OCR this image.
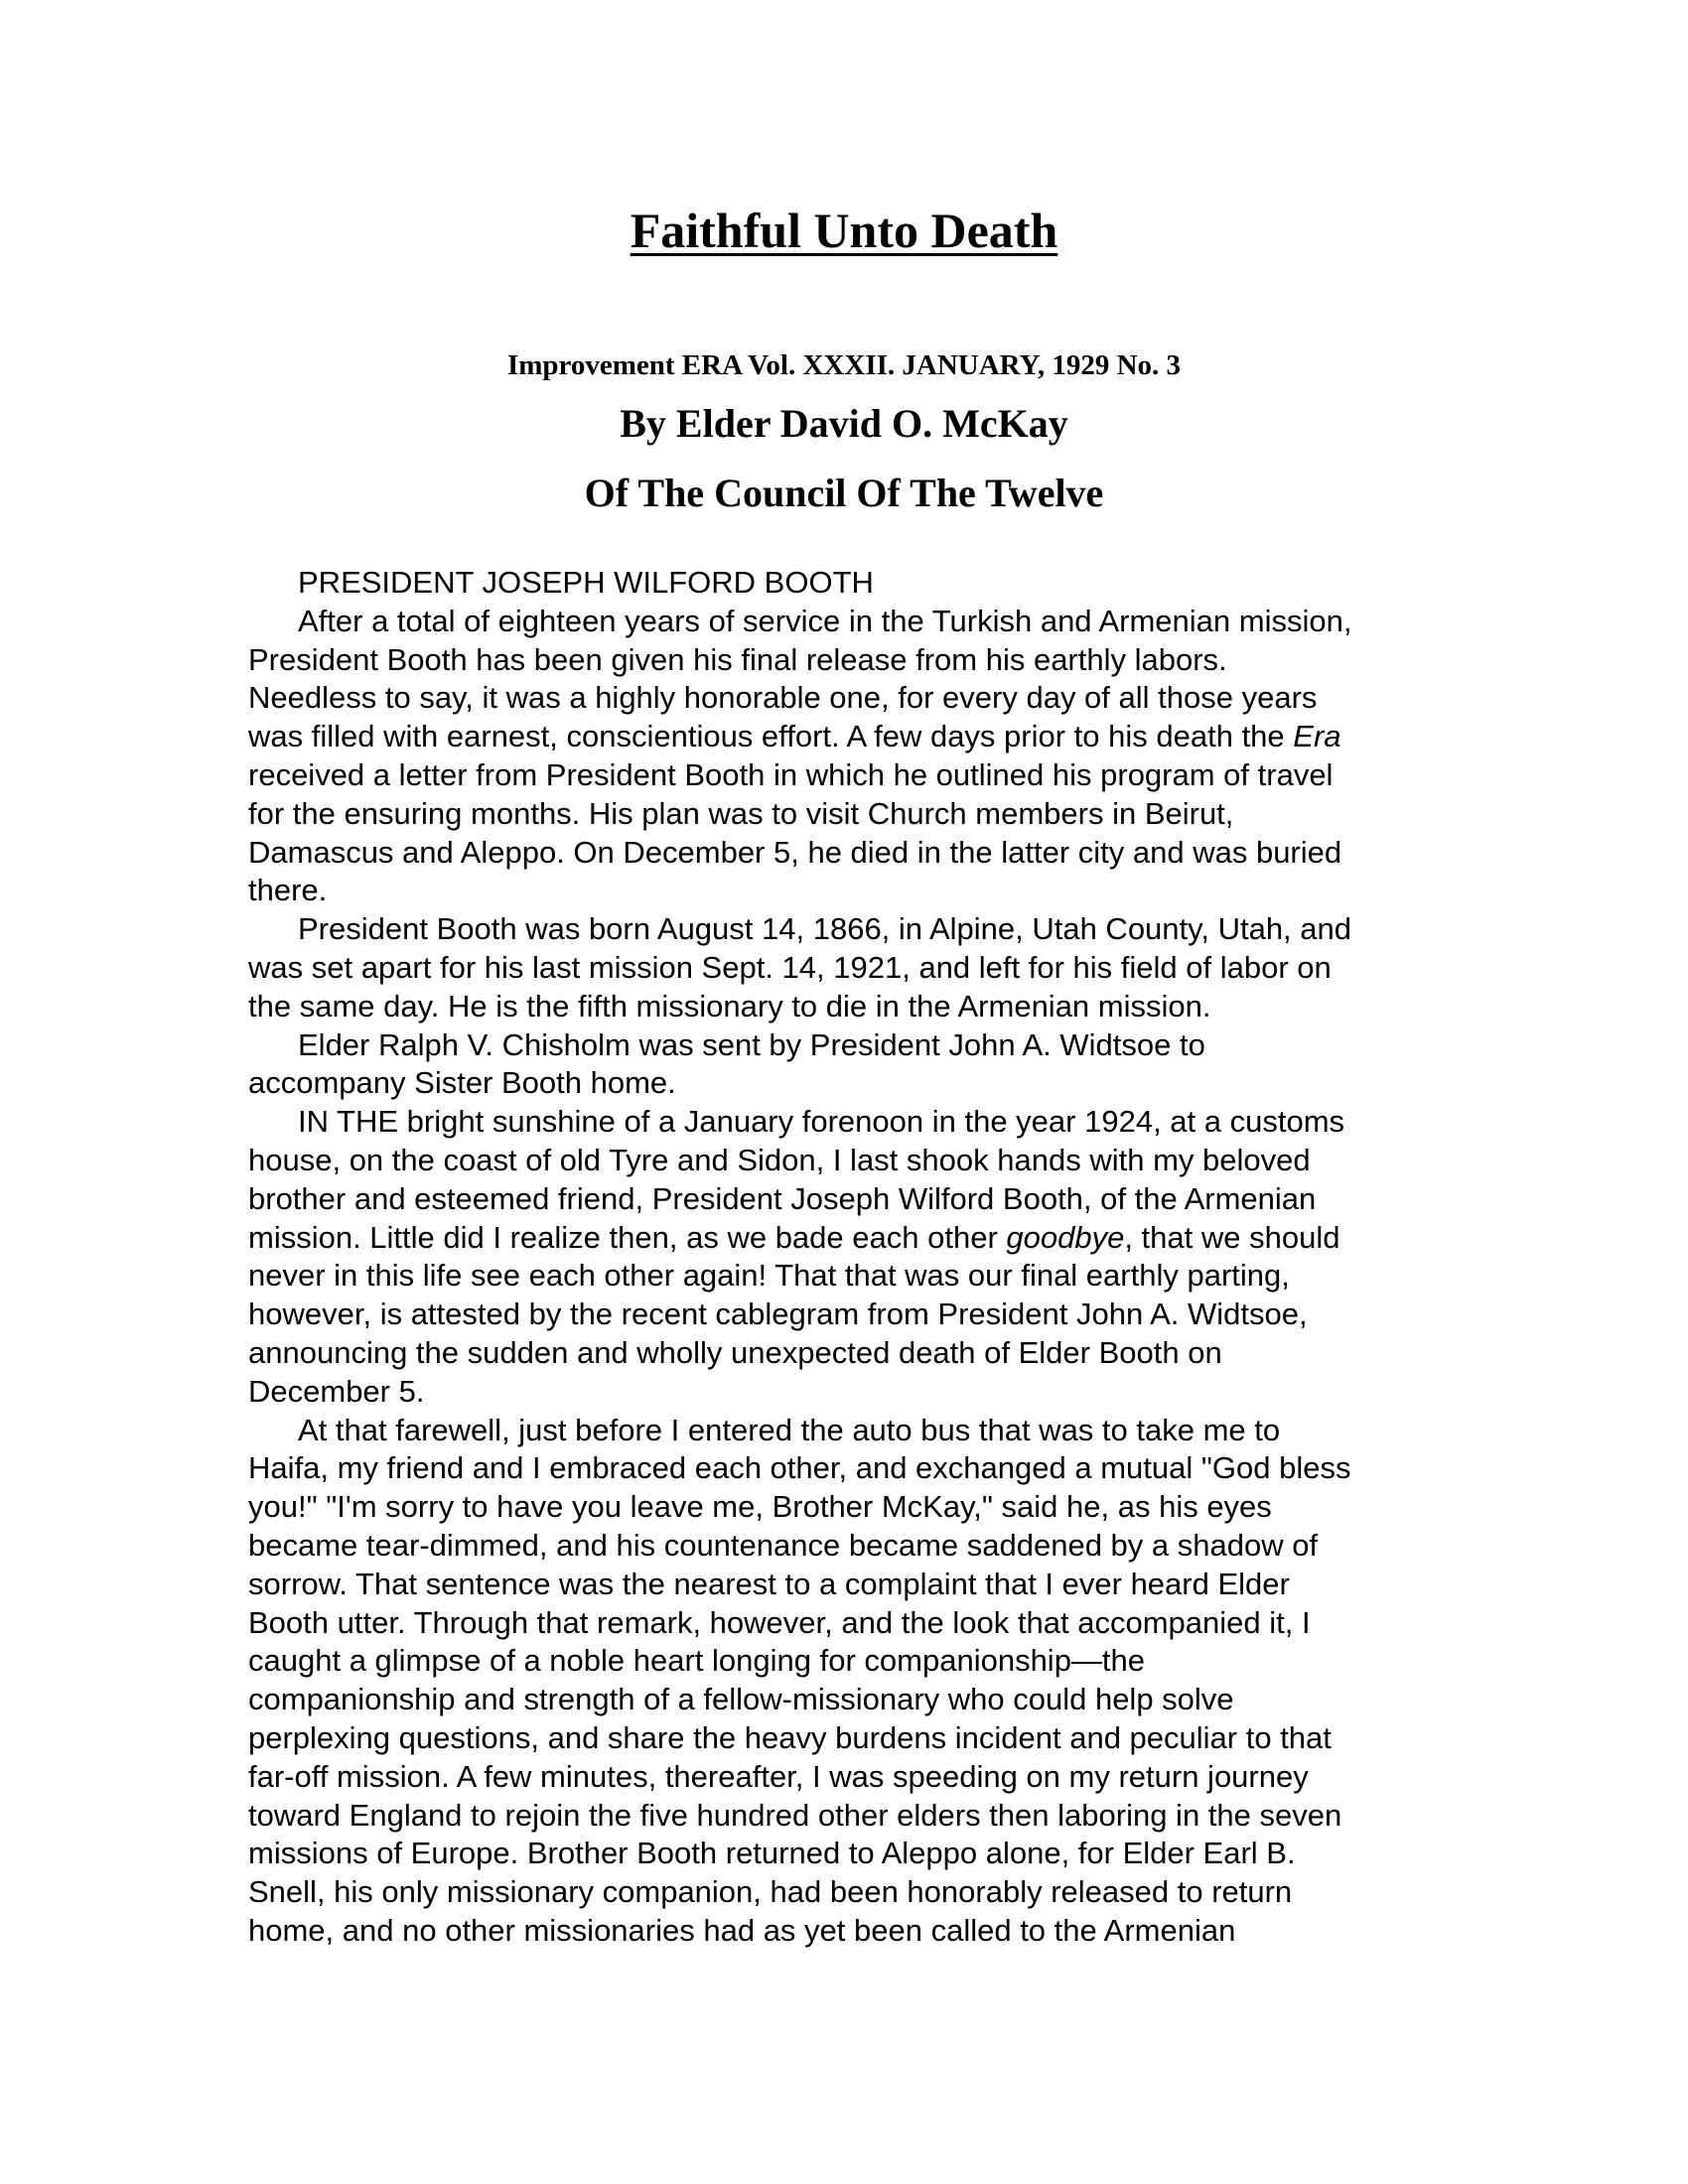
Faithful Unto Death
Improvement ERA Vol. XXXII. JANUARY, 1929 No. 3
By Elder David O. McKay
Of The Council Of The Twelve
PRESIDENT JOSEPH WILFORD BOOTH
After a total of eighteen years of service in the Turkish and Armenian mission,
President Booth has been given his final release from his earthly labors.
Needless to say, it was a highly honorable one, for every day of all those years
was filled with earnest, conscientious effort. A few days prior to his death the Era
received a letter from President Booth in which he outlined his program of travel
for the ensuring months. His plan was to visit Church members in Beirut,
Damascus and Aleppo. On December 5, he died in the latter city and was buried
there.
President Booth was born August 14, 1866, in Alpine, Utah County, Utah, and
was set apart for his last mission Sept. 14, 1921, and left for his field of labor on
the same day. He is the fifth missionary to die in the Armenian mission.
Elder Ralph V. Chisholm was sent by President John A. Widtsoe to
accompany Sister Booth home.
IN THE bright sunshine of a January forenoon in the year 1924, at a customs
house, on the coast of old Tyre and Sidon, I last shook hands with my beloved
brother and esteemed friend, President Joseph Wilford Booth, of the Armenian
mission. Little did I realize then, as we bade each other goodbye, that we should
never in this life see each other again! That that was our final earthly parting,
however, is attested by the recent cablegram from President John A. Widtsoe,
announcing the sudden and wholly unexpected death of Elder Booth on
December 5.
At that farewell, just before I entered the auto bus that was to take me to
Haifa, my friend and I embraced each other, and exchanged a mutual "God bless
you!" "I'm sorry to have you leave me, Brother McKay," said he, as his eyes
became tear-dimmed, and his countenance became saddened by a shadow of
sorrow. That sentence was the nearest to a complaint that I ever heard Elder
Booth utter. Through that remark, however, and the look that accompanied it, I
caught a glimpse of a noble heart longing for companionship—the
companionship and strength of a fellow-missionary who could help solve
perplexing questions, and share the heavy burdens incident and peculiar to that
far-off mission. A few minutes, thereafter, I was speeding on my return journey
toward England to rejoin the five hundred other elders then laboring in the seven
missions of Europe. Brother Booth returned to Aleppo alone, for Elder Earl B.
Snell, his only missionary companion, had been honorably released to return
home, and no other missionaries had as yet been called to the Armenian
